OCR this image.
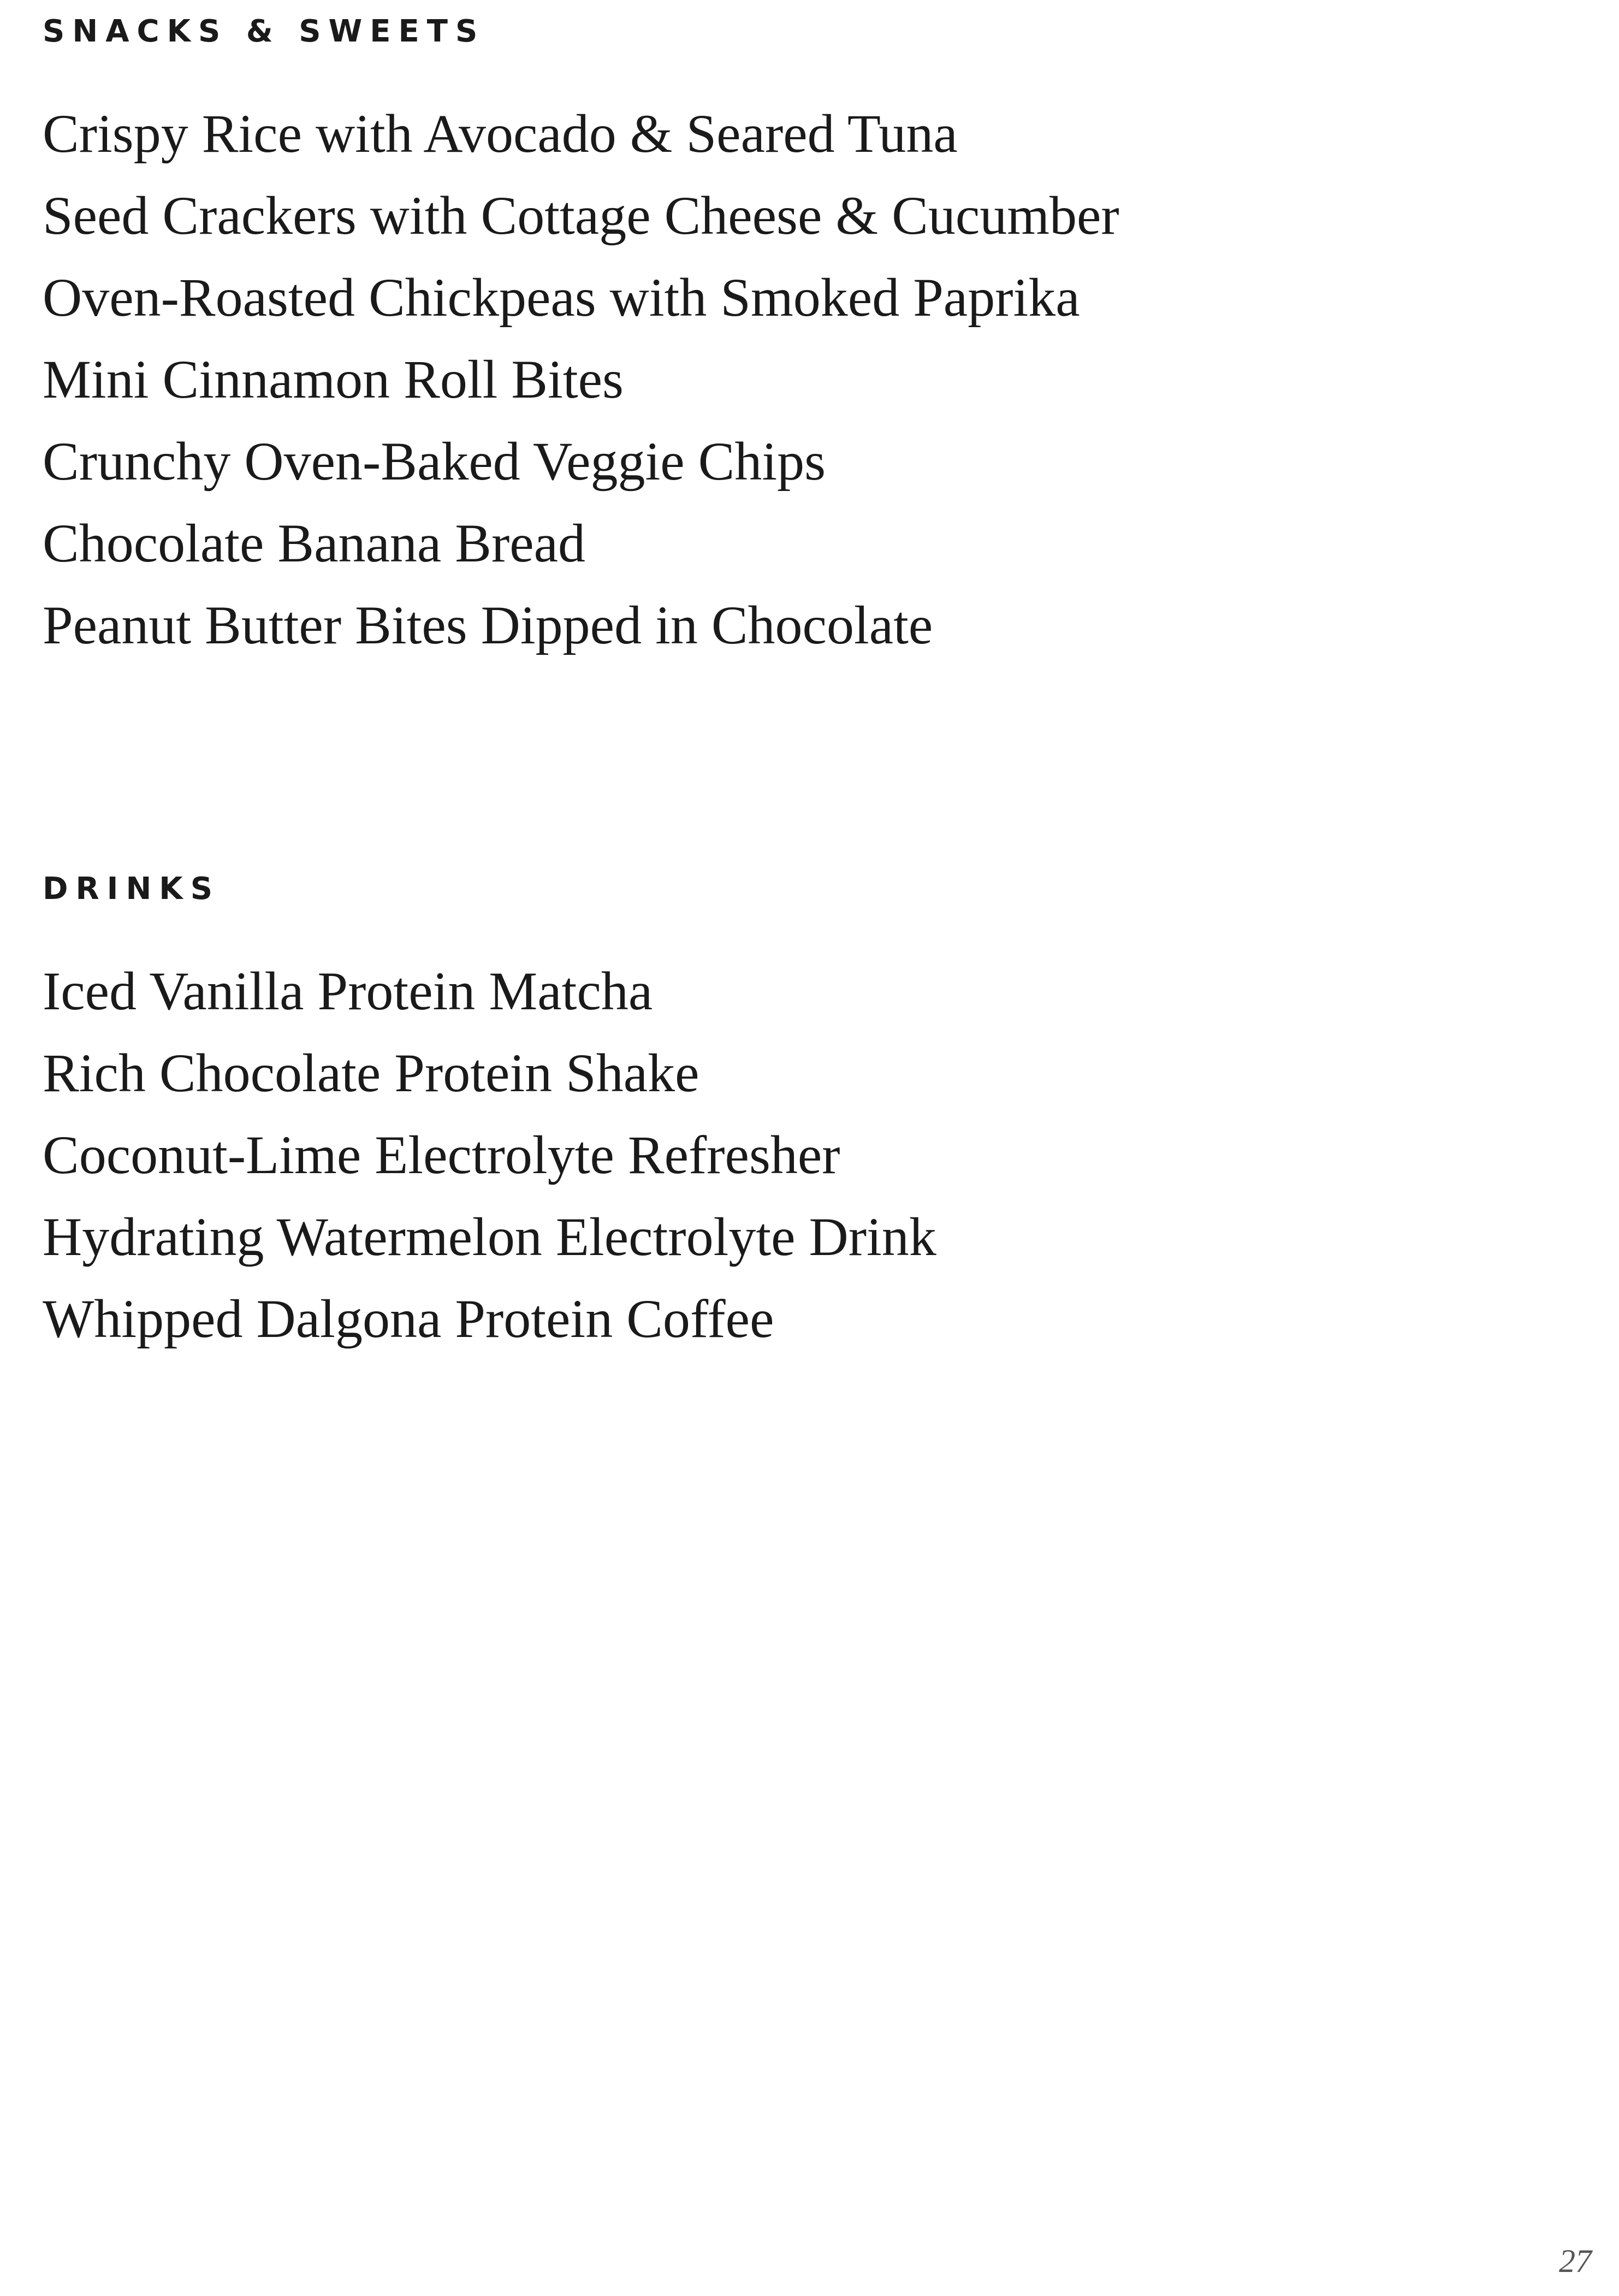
SNACKS & SWEETS
Crispy Rice with Avocado & Seared Tuna
Seed Crackers with Cottage Cheese & Cucumber
Oven-Roasted Chickpeas with Smoked Paprika
Mini Cinnamon Roll Bites
Crunchy Oven-Baked Veggie Chips
Chocolate Banana Bread
Peanut Butter Bites Dipped in Chocolate
DRINKS
Iced Vanilla Protein Matcha
Rich Chocolate Protein Shake
Coconut-Lime Electrolyte Refresher
Hydrating Watermelon Electrolyte Drink
Whipped Dalgona Protein Coffee
27
